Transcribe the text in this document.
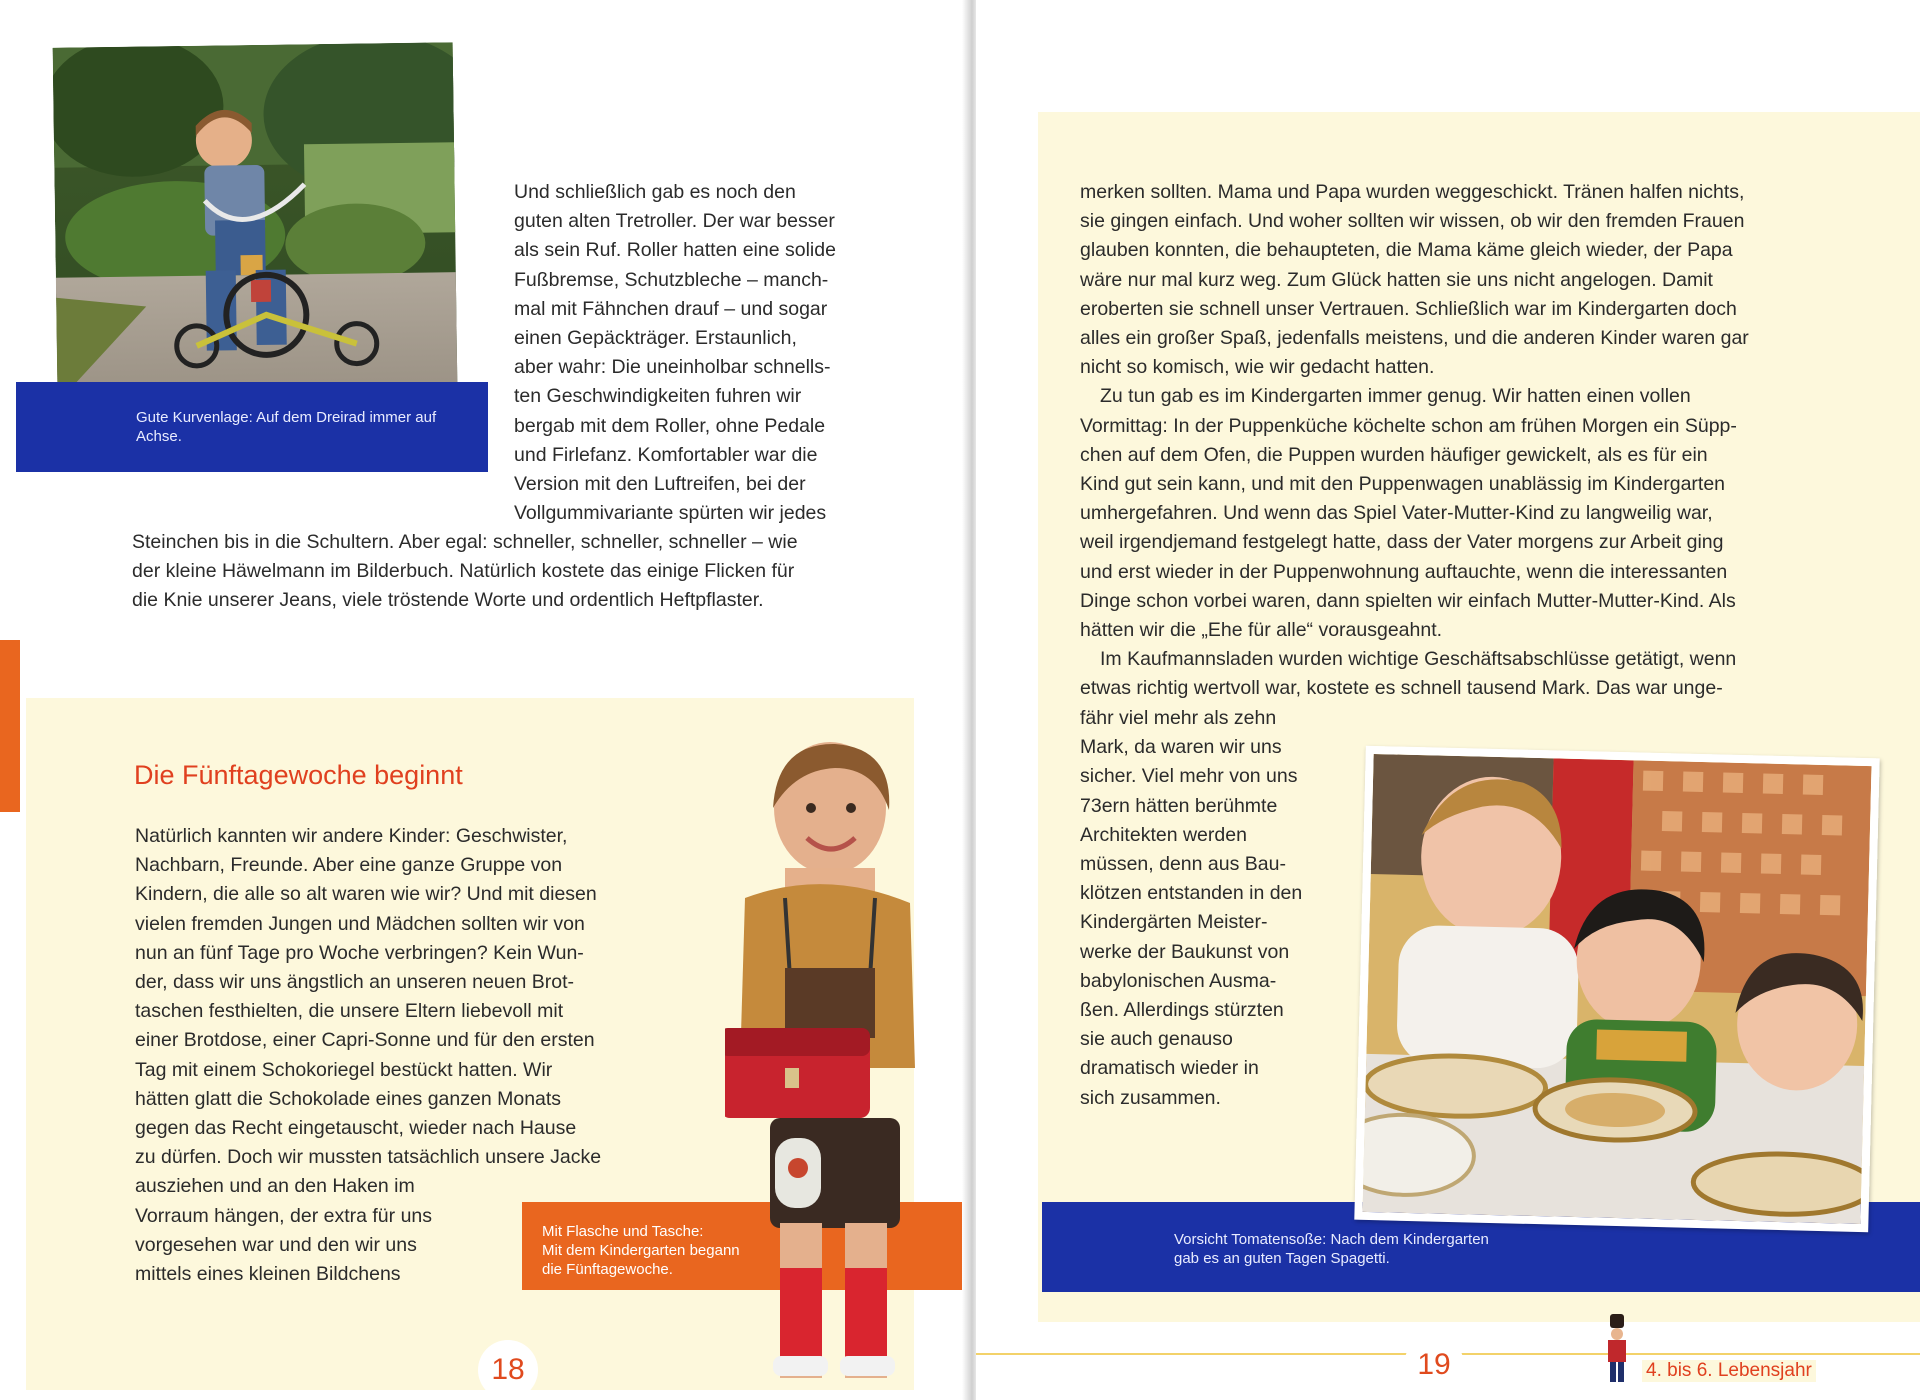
Gute Kurvenlage: Auf dem Dreirad immer auf Achse.

Und schließlich gab es noch den

guten alten Tretroller. Der war besser

als sein Ruf. Roller hatten eine solide

Fußbremse, Schutzbleche – manch-

mal mit Fähnchen drauf – und sogar

einen Gepäckträger. Erstaunlich,

aber wahr: Die uneinholbar schnells-

ten Geschwindigkeiten fuhren wir

bergab mit dem Roller, ohne Pedale

und Firlefanz. Komfortabler war die

Version mit den Luftreifen, bei der

Vollgummivariante spürten wir jedes

Steinchen bis in die Schultern. Aber egal: schneller, schneller, schneller – wie

der kleine Häwelmann im Bilderbuch. Natürlich kostete das einige Flicken für

die Knie unserer Jeans, viele tröstende Worte und ordentlich Heftpflaster.

Die Fünftagewoche beginnt

Natürlich kannten wir andere Kinder: Geschwister,

Nachbarn, Freunde. Aber eine ganze Gruppe von

Kindern, die alle so alt waren wie wir? Und mit diesen

vielen fremden Jungen und Mädchen sollten wir von

nun an fünf Tage pro Woche verbringen? Kein Wun-

der, dass wir uns ängstlich an unseren neuen Brot-

taschen festhielten, die unsere Eltern liebevoll mit

einer Brotdose, einer Capri-Sonne und für den ersten

Tag mit einem Schokoriegel bestückt hatten. Wir

hätten glatt die Schokolade eines ganzen Monats

gegen das Recht eingetauscht, wieder nach Hause

zu dürfen. Doch wir mussten tatsächlich unsere Jacke

ausziehen und an den Haken im

Vorraum hängen, der extra für uns

vorgesehen war und den wir uns

mittels eines kleinen Bildchens

Mit Flasche und Tasche:
Mit dem Kindergarten begann
die Fünftagewoche.
18

merken sollten. Mama und Papa wurden weggeschickt. Tränen halfen nichts,

sie gingen einfach. Und woher sollten wir wissen, ob wir den fremden Frauen

glauben konnten, die behaupteten, die Mama käme gleich wieder, der Papa

wäre nur mal kurz weg. Zum Glück hatten sie uns nicht angelogen. Damit

eroberten sie schnell unser Vertrauen. Schließlich war im Kindergarten doch

alles ein großer Spaß, jedenfalls meistens, und die anderen Kinder waren gar

nicht so komisch, wie wir gedacht hatten.

Zu tun gab es im Kindergarten immer genug. Wir hatten einen vollen

Vormittag: In der Puppenküche köchelte schon am frühen Morgen ein Süpp-

chen auf dem Ofen, die Puppen wurden häufiger gewickelt, als es für ein

Kind gut sein kann, und mit den Puppenwagen unablässig im Kindergarten

umhergefahren. Und wenn das Spiel Vater-Mutter-Kind zu langweilig war,

weil irgendjemand festgelegt hatte, dass der Vater morgens zur Arbeit ging

und erst wieder in der Puppenwohnung auftauchte, wenn die interessanten

Dinge schon vorbei waren, dann spielten wir einfach Mutter-Mutter-Kind. Als

hätten wir die „Ehe für alle“ vorausgeahnt.

Im Kaufmannsladen wurden wichtige Geschäftsabschlüsse getätigt, wenn

etwas richtig wertvoll war, kostete es schnell tausend Mark. Das war unge-

fähr viel mehr als zehn

Mark, da waren wir uns

sicher. Viel mehr von uns

73ern hätten berühmte

Architekten werden

müssen, denn aus Bau-

klötzen entstanden in den

Kindergärten Meister-

werke der Baukunst von

babylonischen Ausma-

ßen. Allerdings stürzten

sie auch genauso

dramatisch wieder in

sich zusammen.

Vorsicht Tomatensoße: Nach dem Kindergarten
gab es an guten Tagen Spagetti.
19	4. bis 6. Lebensjahr
